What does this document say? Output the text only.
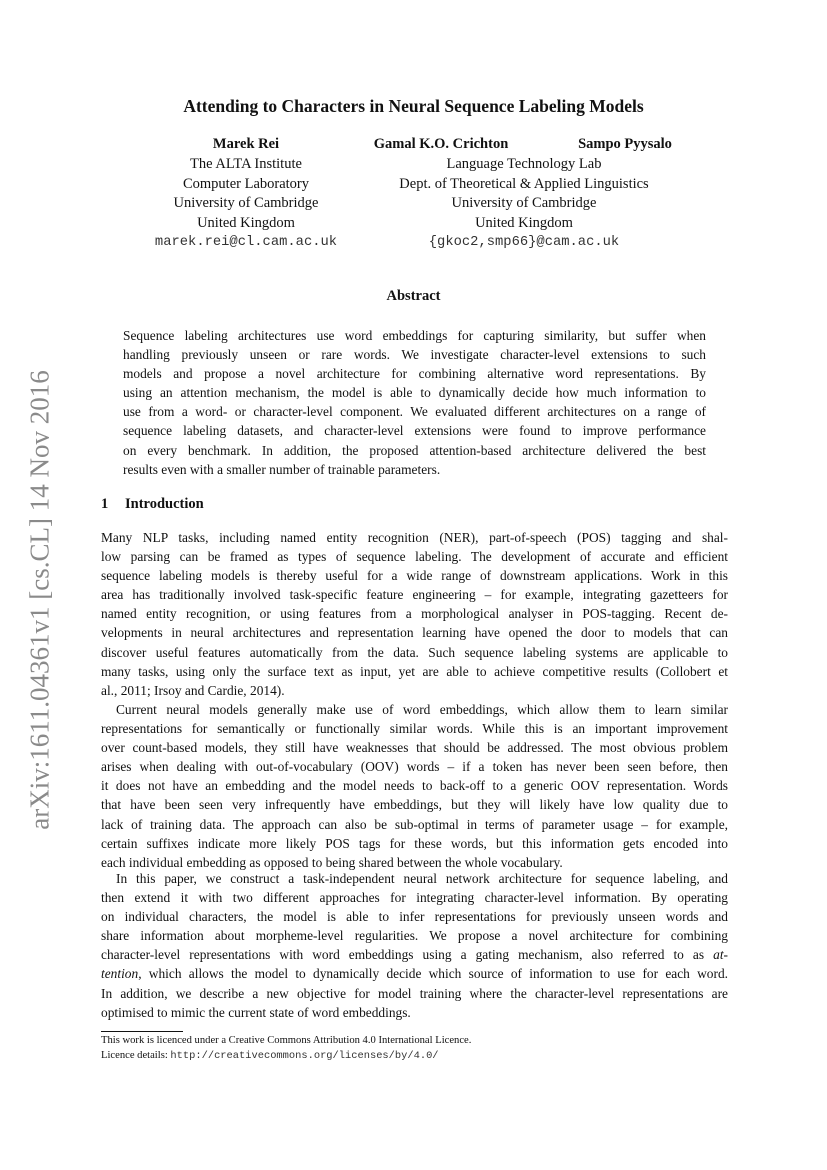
arXiv:1611.04361v1 [cs.CL] 14 Nov 2016
Attending to Characters in Neural Sequence Labeling Models
Marek Rei	Gamal K.O. Crichton	Sampo Pyysalo
The ALTA Institute
Computer Laboratory
University of Cambridge
United Kingdom
marek.rei@cl.cam.ac.uk
Language Technology Lab
Dept. of Theoretical & Applied Linguistics
University of Cambridge
United Kingdom
{gkoc2,smp66}@cam.ac.uk
Abstract
Sequence labeling architectures use word embeddings for capturing similarity, but suffer when
handling previously unseen or rare words. We investigate character-level extensions to such
models and propose a novel architecture for combining alternative word representations. By
using an attention mechanism, the model is able to dynamically decide how much information to
use from a word- or character-level component. We evaluated different architectures on a range of
sequence labeling datasets, and character-level extensions were found to improve performance
on every benchmark. In addition, the proposed attention-based architecture delivered the best
results even with a smaller number of trainable parameters.
1 Introduction
Many NLP tasks, including named entity recognition (NER), part-of-speech (POS) tagging and shal-
low parsing can be framed as types of sequence labeling. The development of accurate and efficient
sequence labeling models is thereby useful for a wide range of downstream applications. Work in this
area has traditionally involved task-specific feature engineering – for example, integrating gazetteers for
named entity recognition, or using features from a morphological analyser in POS-tagging. Recent de-
velopments in neural architectures and representation learning have opened the door to models that can
discover useful features automatically from the data. Such sequence labeling systems are applicable to
many tasks, using only the surface text as input, yet are able to achieve competitive results (Collobert et
al., 2011; Irsoy and Cardie, 2014).
Current neural models generally make use of word embeddings, which allow them to learn similar
representations for semantically or functionally similar words. While this is an important improvement
over count-based models, they still have weaknesses that should be addressed. The most obvious problem
arises when dealing with out-of-vocabulary (OOV) words – if a token has never been seen before, then
it does not have an embedding and the model needs to back-off to a generic OOV representation. Words
that have been seen very infrequently have embeddings, but they will likely have low quality due to
lack of training data. The approach can also be sub-optimal in terms of parameter usage – for example,
certain suffixes indicate more likely POS tags for these words, but this information gets encoded into
each individual embedding as opposed to being shared between the whole vocabulary.
In this paper, we construct a task-independent neural network architecture for sequence labeling, and
then extend it with two different approaches for integrating character-level information. By operating
on individual characters, the model is able to infer representations for previously unseen words and
share information about morpheme-level regularities. We propose a novel architecture for combining
character-level representations with word embeddings using a gating mechanism, also referred to as at-
tention, which allows the model to dynamically decide which source of information to use for each word.
In addition, we describe a new objective for model training where the character-level representations are
optimised to mimic the current state of word embeddings.
This work is licenced under a Creative Commons Attribution 4.0 International Licence.
Licence details: http://creativecommons.org/licenses/by/4.0/
